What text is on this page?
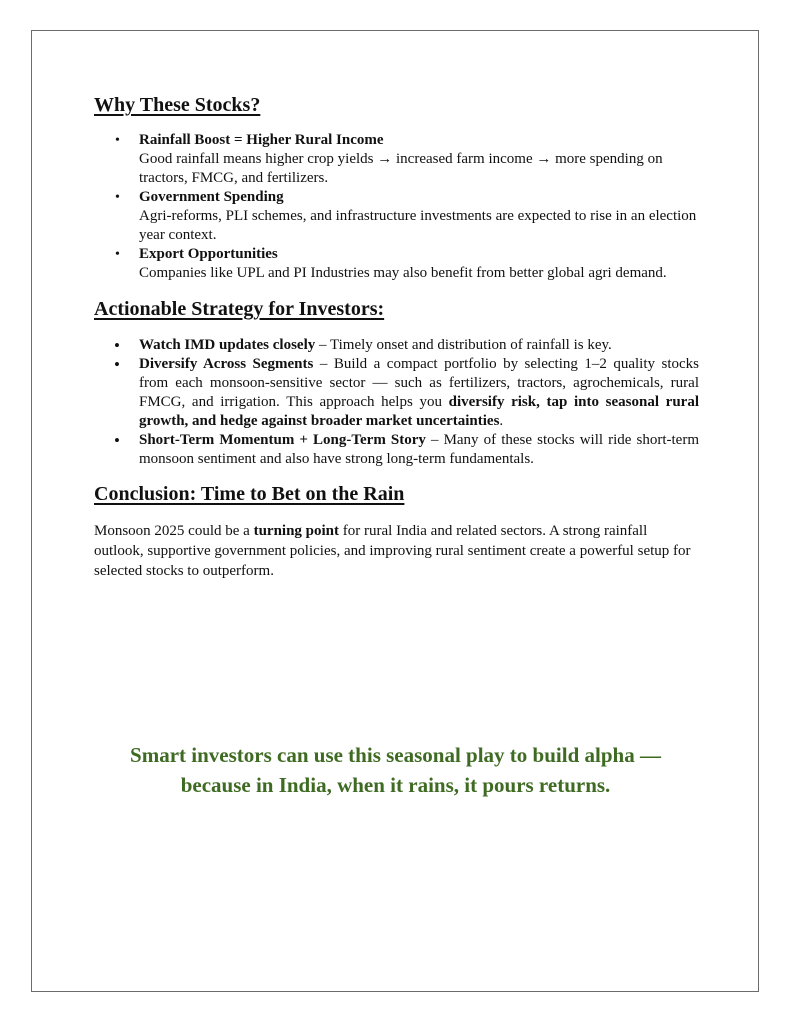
Why These Stocks?
• Rainfall Boost = Higher Rural Income
Good rainfall means higher crop yields → increased farm income → more spending on tractors, FMCG, and fertilizers.
• Government Spending
Agri-reforms, PLI schemes, and infrastructure investments are expected to rise in an election year context.
• Export Opportunities
Companies like UPL and PI Industries may also benefit from better global agri demand.
Actionable Strategy for Investors:
• Watch IMD updates closely – Timely onset and distribution of rainfall is key.
• Diversify Across Segments – Build a compact portfolio by selecting 1–2 quality stocks from each monsoon-sensitive sector — such as fertilizers, tractors, agrochemicals, rural FMCG, and irrigation. This approach helps you diversify risk, tap into seasonal rural growth, and hedge against broader market uncertainties.
• Short-Term Momentum + Long-Term Story – Many of these stocks will ride short-term monsoon sentiment and also have strong long-term fundamentals.
Conclusion: Time to Bet on the Rain

Monsoon 2025 could be a turning point for rural India and related sectors. A strong rainfall outlook, supportive government policies, and improving rural sentiment create a powerful setup for selected stocks to outperform.

Smart investors can use this seasonal play to build alpha —
because in India, when it rains, it pours returns.
